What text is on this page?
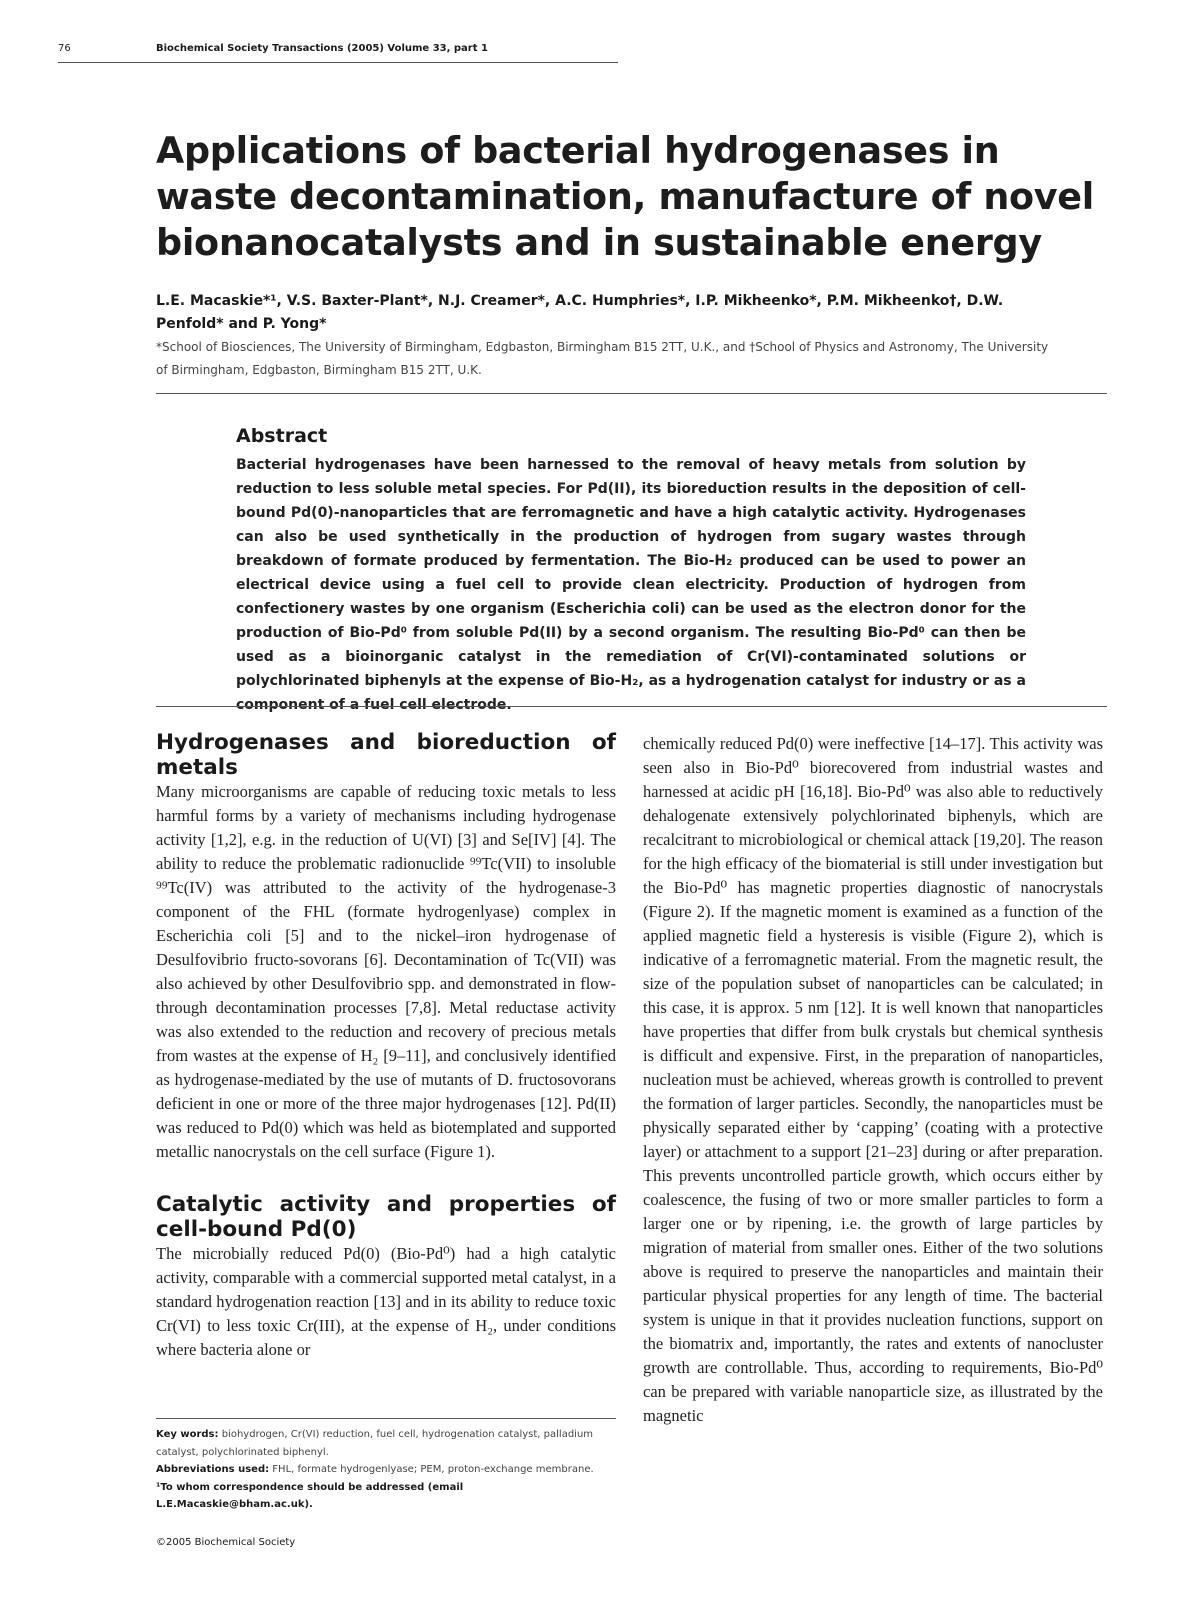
76	Biochemical Society Transactions (2005) Volume 33, part 1
Applications of bacterial hydrogenases in waste decontamination, manufacture of novel bionanocatalysts and in sustainable energy

L.E. Macaskie*¹, V.S. Baxter-Plant*, N.J. Creamer*, A.C. Humphries*, I.P. Mikheenko*, P.M. Mikheenko†, D.W. Penfold* and P. Yong*

*School of Biosciences, The University of Birmingham, Edgbaston, Birmingham B15 2TT, U.K., and †School of Physics and Astronomy, The University of Birmingham, Edgbaston, Birmingham B15 2TT, U.K.

Abstract

Bacterial hydrogenases have been harnessed to the removal of heavy metals from solution by reduction to less soluble metal species. For Pd(II), its bioreduction results in the deposition of cell-bound Pd(0)-nanoparticles that are ferromagnetic and have a high catalytic activity. Hydrogenases can also be used synthetically in the production of hydrogen from sugary wastes through breakdown of formate produced by fermentation. The Bio-H₂ produced can be used to power an electrical device using a fuel cell to provide clean electricity. Production of hydrogen from confectionery wastes by one organism (Escherichia coli) can be used as the electron donor for the production of Bio-Pd⁰ from soluble Pd(II) by a second organism. The resulting Bio-Pd⁰ can then be used as a bioinorganic catalyst in the remediation of Cr(VI)-contaminated solutions or polychlorinated biphenyls at the expense of Bio-H₂, as a hydrogenation catalyst for industry or as a component of a fuel cell electrode.

Hydrogenases and bioreduction of metals

Many microorganisms are capable of reducing toxic metals to less harmful forms by a variety of mechanisms including hydrogenase activity [1,2], e.g. in the reduction of U(VI) [3] and Se[IV] [4]. The ability to reduce the problematic radionuclide ⁹⁹Tc(VII) to insoluble ⁹⁹Tc(IV) was attributed to the activity of the hydrogenase-3 component of the FHL (formate hydrogenlyase) complex in Escherichia coli [5] and to the nickel–iron hydrogenase of Desulfovibrio fructo-sovorans [6]. Decontamination of Tc(VII) was also achieved by other Desulfovibrio spp. and demonstrated in flow-through decontamination processes [7,8]. Metal reductase activity was also extended to the reduction and recovery of precious metals from wastes at the expense of H₂ [9–11], and conclusively identified as hydrogenase-mediated by the use of mutants of D. fructosovorans deficient in one or more of the three major hydrogenases [12]. Pd(II) was reduced to Pd(0) which was held as biotemplated and supported metallic nanocrystals on the cell surface (Figure 1).

Catalytic activity and properties of cell-bound Pd(0)

The microbially reduced Pd(0) (Bio-Pd⁰) had a high catalytic activity, comparable with a commercial supported metal catalyst, in a standard hydrogenation reaction [13] and in its ability to reduce toxic Cr(VI) to less toxic Cr(III), at the expense of H₂, under conditions where bacteria alone or

chemically reduced Pd(0) were ineffective [14–17]. This activity was seen also in Bio-Pd⁰ biorecovered from industrial wastes and harnessed at acidic pH [16,18]. Bio-Pd⁰ was also able to reductively dehalogenate extensively polychlorinated biphenyls, which are recalcitrant to microbiological or chemical attack [19,20]. The reason for the high efficacy of the biomaterial is still under investigation but the Bio-Pd⁰ has magnetic properties diagnostic of nanocrystals (Figure 2). If the magnetic moment is examined as a function of the applied magnetic field a hysteresis is visible (Figure 2), which is indicative of a ferromagnetic material. From the magnetic result, the size of the population subset of nanoparticles can be calculated; in this case, it is approx. 5 nm [12]. It is well known that nanoparticles have properties that differ from bulk crystals but chemical synthesis is difficult and expensive. First, in the preparation of nanoparticles, nucleation must be achieved, whereas growth is controlled to prevent the formation of larger particles. Secondly, the nanoparticles must be physically separated either by ‘capping’ (coating with a protective layer) or attachment to a support [21–23] during or after preparation. This prevents uncontrolled particle growth, which occurs either by coalescence, the fusing of two or more smaller particles to form a larger one or by ripening, i.e. the growth of large particles by migration of material from smaller ones. Either of the two solutions above is required to preserve the nanoparticles and maintain their particular physical properties for any length of time. The bacterial system is unique in that it provides nucleation functions, support on the biomatrix and, importantly, the rates and extents of nanocluster growth are controllable. Thus, according to requirements, Bio-Pd⁰ can be prepared with variable nanoparticle size, as illustrated by the magnetic

Key words: biohydrogen, Cr(VI) reduction, fuel cell, hydrogenation catalyst, palladium catalyst, polychlorinated biphenyl.
Abbreviations used: FHL, formate hydrogenlyase; PEM, proton-exchange membrane.
¹To whom correspondence should be addressed (email L.E.Macaskie@bham.ac.uk).
©2005 Biochemical Society
